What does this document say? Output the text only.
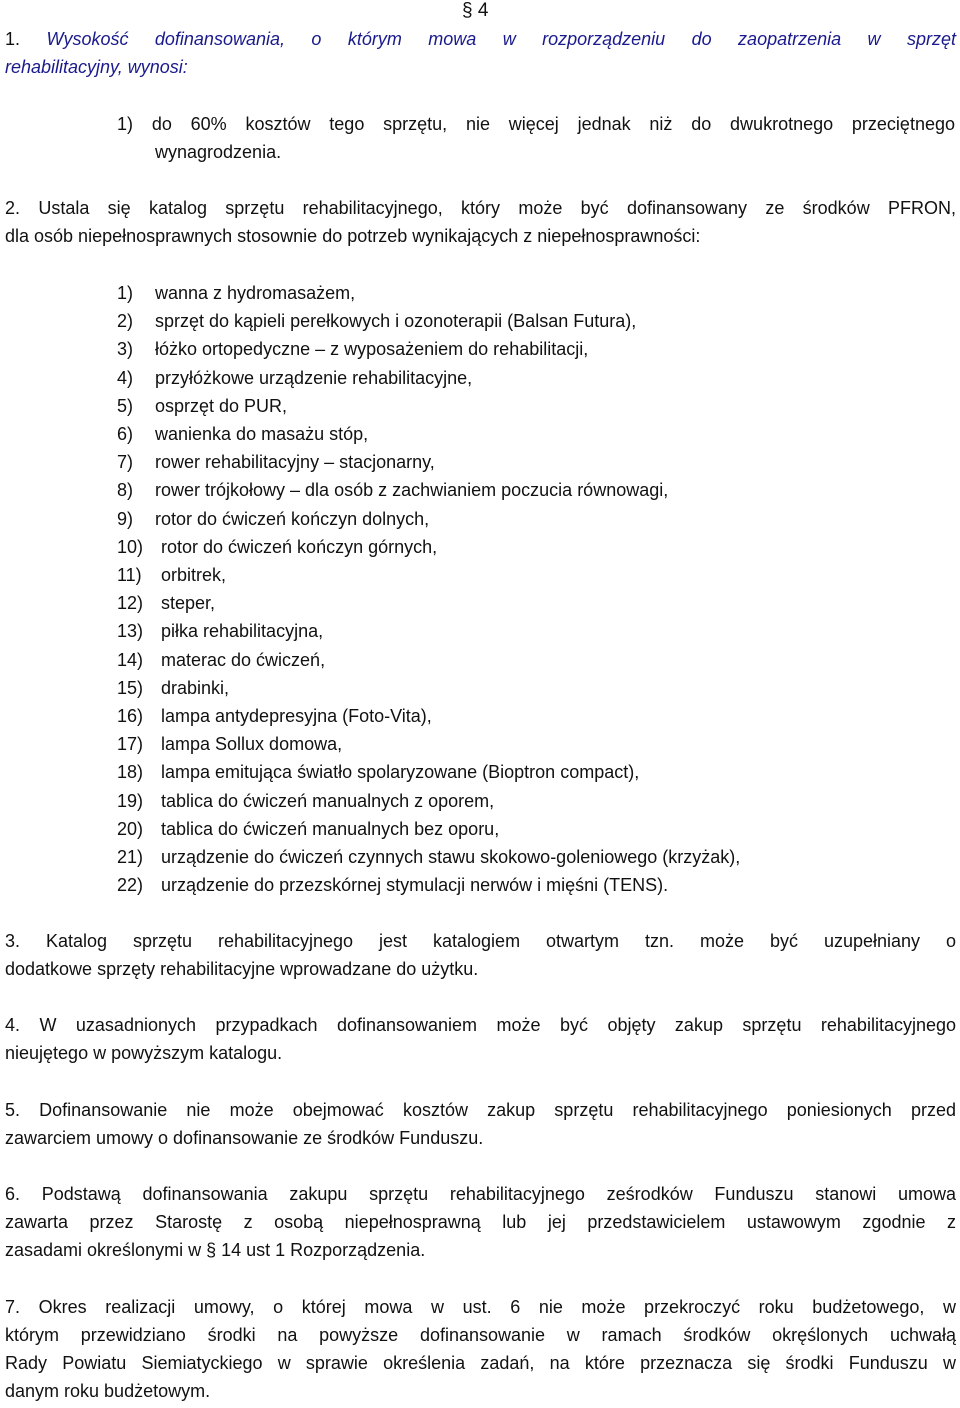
§ 4
1. Wysokość dofinansowania, o którym mowa w rozporządzeniu do zaopatrzenia w sprzęt
rehabilitacyjny, wynosi:
1) do 60% kosztów tego sprzętu, nie więcej jednak niż do dwukrotnego przeciętnego
wynagrodzenia.
2. Ustala się katalog sprzętu rehabilitacyjnego, który może być dofinansowany ze środków PFRON,
dla osób niepełnosprawnych stosownie do potrzeb wynikających z niepełnosprawności:
1) wanna z hydromasażem,
2) sprzęt do kąpieli perełkowych i ozonoterapii (Balsan Futura),
3) łóżko ortopedyczne – z wyposażeniem do rehabilitacji,
4) przyłóżkowe urządzenie rehabilitacyjne,
5) osprzęt do PUR,
6) wanienka do masażu stóp,
7) rower rehabilitacyjny – stacjonarny,
8) rower trójkołowy – dla osób z zachwianiem poczucia równowagi,
9) rotor do ćwiczeń kończyn dolnych,
10) rotor do ćwiczeń kończyn górnych,
11) orbitrek,
12) steper,
13) piłka rehabilitacyjna,
14) materac do ćwiczeń,
15) drabinki,
16) lampa antydepresyjna (Foto-Vita),
17) lampa Sollux domowa,
18) lampa emitująca światło spolaryzowane (Bioptron compact),
19) tablica do ćwiczeń manualnych z oporem,
20) tablica do ćwiczeń manualnych bez oporu,
21) urządzenie do ćwiczeń czynnych stawu skokowo-goleniowego (krzyżak),
22) urządzenie do przezskórnej stymulacji nerwów i mięśni (TENS).
3. Katalog sprzętu rehabilitacyjnego jest katalogiem otwartym tzn. może być uzupełniany o
dodatkowe sprzęty rehabilitacyjne wprowadzane do użytku.
4. W uzasadnionych przypadkach dofinansowaniem może być objęty zakup sprzętu rehabilitacyjnego
nieujętego w powyższym katalogu.
5. Dofinansowanie nie może obejmować kosztów zakup sprzętu rehabilitacyjnego poniesionych przed
zawarciem umowy o dofinansowanie ze środków Funduszu.
6. Podstawą dofinansowania zakupu sprzętu rehabilitacyjnego ześrodków Funduszu stanowi umowa
zawarta przez Starostę z osobą niepełnosprawną lub jej przedstawicielem ustawowym zgodnie z
zasadami określonymi w § 14 ust 1 Rozporządzenia.
7. Okres realizacji umowy, o której mowa w ust. 6 nie może przekroczyć roku budżetowego, w
którym przewidziano środki na powyższe dofinansowanie w ramach środków okręślonych uchwałą
Rady Powiatu Siemiatyckiego w sprawie określenia zadań, na które przeznacza się środki Funduszu w
danym roku budżetowym.
